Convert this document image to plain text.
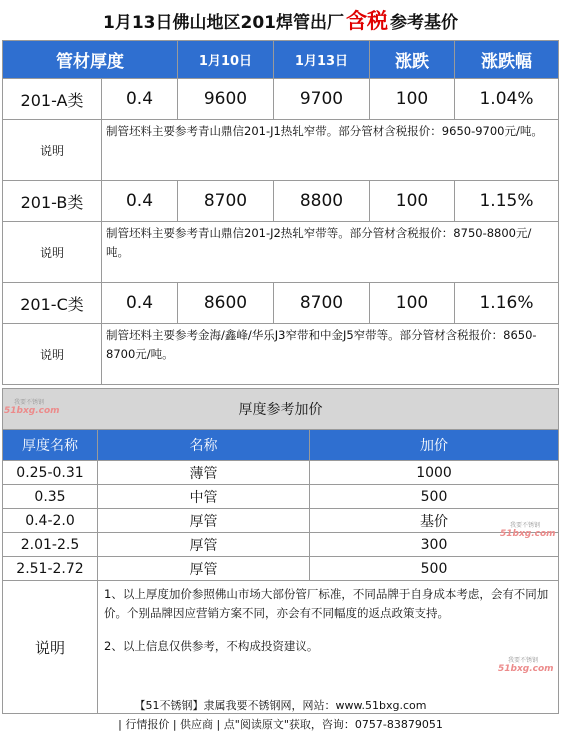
1月13日佛山地区201焊管出厂 含税 参考基价
管材厚度		1月10日	1月13日	涨跌	涨跌幅
201-A类	0.4	9600	9700	100	1.04%
说明	制管坯料主要参考青山鼎信201-J1热轧窄带。部分管材含税报价：9650-9700元/吨。				
201-B类	0.4	8700	8800	100	1.15%
说明	制管坯料主要参考青山鼎信201-J2热轧窄带等。部分管材含税报价：8750-8800元/吨。				
201-C类	0.4	8600	8700	100	1.16%
说明	制管坯料主要参考金海/鑫峰/华乐J3窄带和中金J5窄带等。部分管材含税报价：8650-8700元/吨。				
厚度参考加价		
厚度名称	名称	加价
0.25-0.31	薄管	1000
0.35	中管	500
0.4-2.0	厚管	基价
2.01-2.5	厚管	300
2.51-2.72	厚管	500
说明	1、以上厚度加价参照佛山市场大部份管厂标准，不同品牌于自身成本考虑，会有不同加价。个别品牌因应营销方案不同，亦会有不同幅度的返点政策支持。
2、以上信息仅供参考，不构成投资建议。	
【51不锈钢】隶属我要不锈钢网，网站：www.51bxg.com
| 行情报价 | 供应商 | 点"阅读原文"获取，咨询：0757-83879051
我要不锈钢
51bxg.com
我要不锈钢
51bxg.com
我要不锈钢
51bxg.com
